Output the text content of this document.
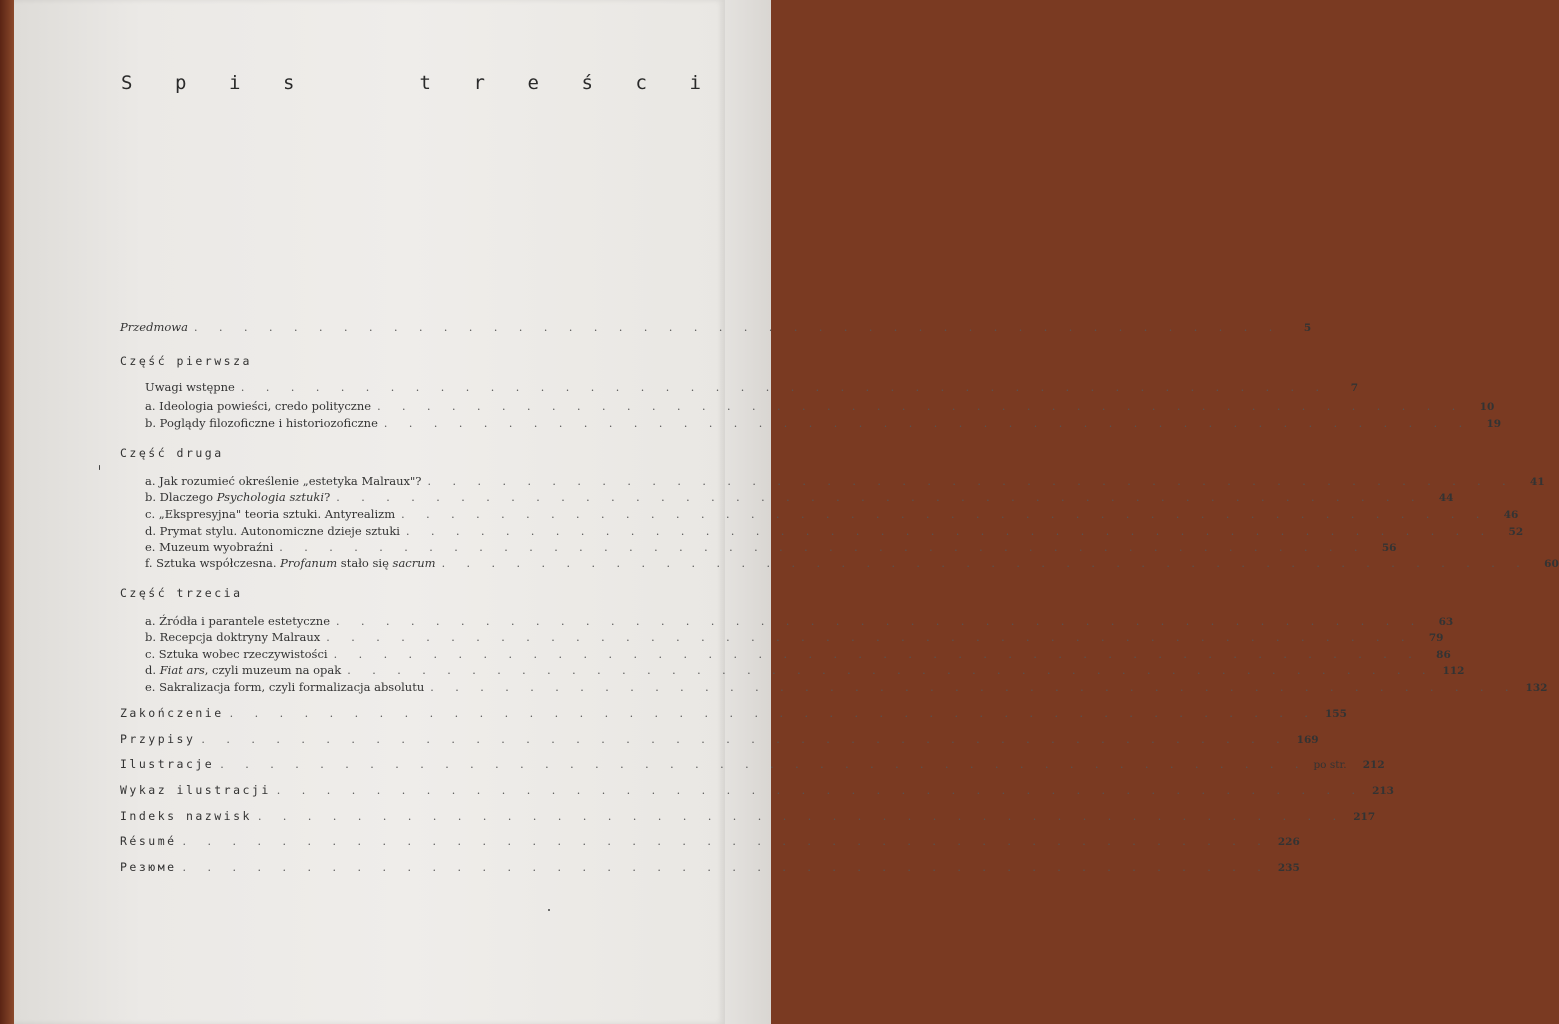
S p i s	t r e ś c i
Przedmowa . . . . . . . . . . . . . . . . . . . . . . . . . . . . . . . . . . . . . . . . . . . .	5
Część pierwsza
Uwagi wstępne . . . . . . . . . . . . . . . . . . . . . . . . . . . . . . . . . . . . . . . . . . . .	7
a. Ideologia powieści, credo polityczne . . . . . . . . . . . . . . . . . . . . . . . . . . . . . . . . . . . . . . . . . . . .	10
b. Poglądy filozoficzne i historiozoficzne . . . . . . . . . . . . . . . . . . . . . . . . . . . . . . . . . . . . . . . . . . . .	19
Część druga
a. Jak rozumieć określenie „estetyka Malraux"? . . . . . . . . . . . . . . . . . . . . . . . . . . . . . . . . . . . . . . . . . . . .	41
b. Dlaczego Psychologia sztuki? . . . . . . . . . . . . . . . . . . . . . . . . . . . . . . . . . . . . . . . . . . . .	44
c. „Ekspresyjna" teoria sztuki. Antyrealizm . . . . . . . . . . . . . . . . . . . . . . . . . . . . . . . . . . . . . . . . . . . .	46
d. Prymat stylu. Autonomiczne dzieje sztuki . . . . . . . . . . . . . . . . . . . . . . . . . . . . . . . . . . . . . . . . . . . .	52
e. Muzeum wyobraźni . . . . . . . . . . . . . . . . . . . . . . . . . . . . . . . . . . . . . . . . . . . .	56
f. Sztuka współczesna. Profanum stało się sacrum . . . . . . . . . . . . . . . . . . . . . . . . . . . . . . . . . . . . . . . . . . . .	60
Część trzecia
a. Źródła i parantele estetyczne . . . . . . . . . . . . . . . . . . . . . . . . . . . . . . . . . . . . . . . . . . . .	63
b. Recepcja doktryny Malraux . . . . . . . . . . . . . . . . . . . . . . . . . . . . . . . . . . . . . . . . . . . .	79
c. Sztuka wobec rzeczywistości . . . . . . . . . . . . . . . . . . . . . . . . . . . . . . . . . . . . . . . . . . . .	86
d. Fiat ars, czyli muzeum na opak . . . . . . . . . . . . . . . . . . . . . . . . . . . . . . . . . . . . . . . . . . . . 112
e. Sakralizacja form, czyli formalizacja absolutu . . . . . . . . . . . . . . . . . . . . . . . . . . . . . . . . . . . . . . . . . . . . 132
Zakończenie . . . . . . . . . . . . . . . . . . . . . . . . . . . . . . . . . . . . . . . . . . . . 155
Przypisy . . . . . . . . . . . . . . . . . . . . . . . . . . . . . . . . . . . . . . . . . . . . 169
Ilustracje . . . . . . . . . . . . . . . . . . . . . . . . . . . . . . . . . . . . . . . . . . . . po str. 212
Wykaz ilustracji . . . . . . . . . . . . . . . . . . . . . . . . . . . . . . . . . . . . . . . . . . . . 213
Indeks nazwisk . . . . . . . . . . . . . . . . . . . . . . . . . . . . . . . . . . . . . . . . . . . . 217
Résumé . . . . . . . . . . . . . . . . . . . . . . . . . . . . . . . . . . . . . . . . . . . . 226
Резюме . . . . . . . . . . . . . . . . . . . . . . . . . . . . . . . . . . . . . . . . . . . . 235
